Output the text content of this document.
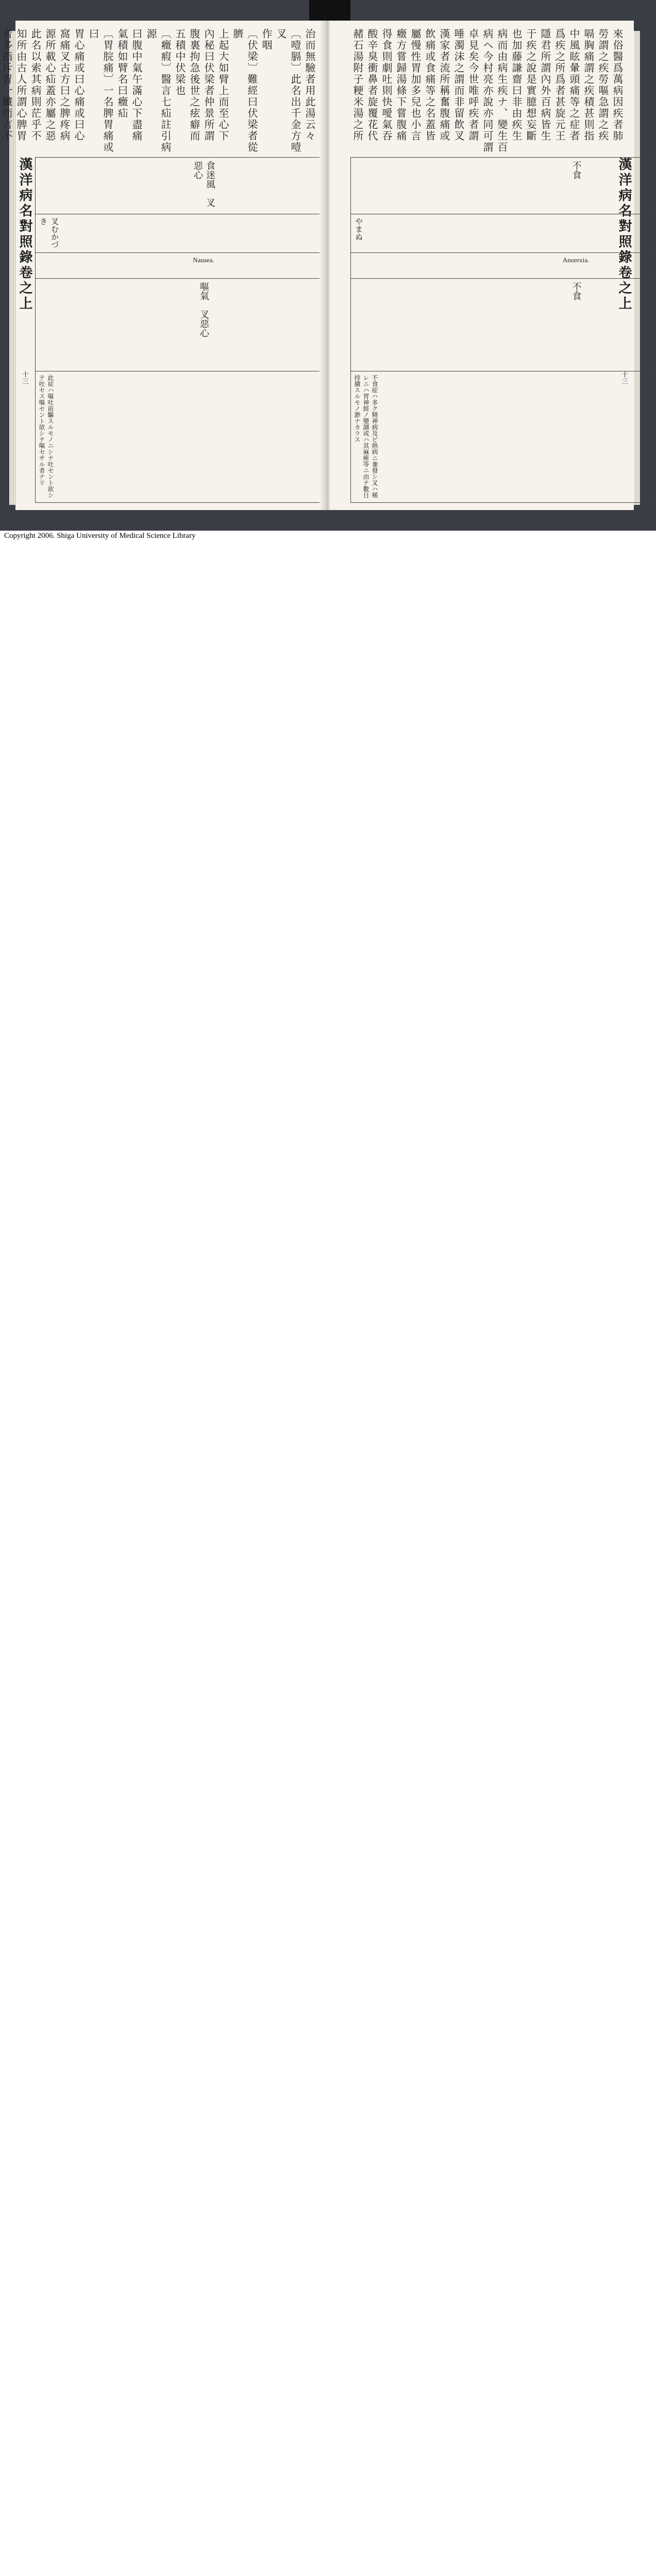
治而無驗者用此湯云々
〔噎膈〕此名出千金方噎叉
作咽
〔伏梁〕難經曰伏梁者從臍
上起大如臂上而至心下
內秘曰伏梁者仲景所謂
腹裏拘急後世之痃癖而
五積中伏梁也
〔癥瘕〕醫言七疝註引病源
曰腹中氣午滿心下盡痛
氣積如臂名曰癥疝
〔胃脘痛〕一名脾胃痛或曰
胃心痛或曰心痛或曰心
窩痛叉古方曰之脾疼病
源所載心疝蓋亦屬之惡
此名以索其病則茫乎不
知所由古人所謂心脾胃
者多指斥胃一臟而言不
漢洋病名對照錄卷之上
十三
食迷風　叉惡心

叉むかづき

Nausea.

嘔氣　叉惡心

此症ハ嘔吐前驅スルモノニシテ吐セント欲シテ吐セス嘔セント欲シテ嘔セサル者ナリ

來俗醫爲萬病因疾者肺
勞謂之疾勞嘔急謂之疾
嗝胸痛謂之疾積甚則指
中風眩暈頭痛等之症者
爲疾之所爲者甚旋元王
隱君所謂內外百病皆生
于疾之說是實臆想妄斷
也加藤謙齋曰非由疾生
病而由病生疾ナ、變生百
病ヘ今村亮亦說亦同可謂
卓見矣今世唯呼疾者謂
唾濁沫之謂而非留飲叉
漢家者流所稱奮腹痛或
飲痛或食痛等之名蓋皆
屬慢性胃加多兒也小言
癥方嘗歸湯條下嘗腹痛
得食則劇吐則快噯氣吞
酸辛臭衝鼻者旋覆花代
赭石湯附子粳米湯之所
漢洋病名對照錄卷之上
十三
不食

やまぬ

Anorexia.

不食

不食症ハ多ク精神病及ビ熱病ニ兼發シ叉ハ稀レニハ胃神經ノ變調或ハ其麻痺等ニ由テ數日持續スルモノ渺ナカラス

Copyright 2006. Shiga University of Medical Science Library
